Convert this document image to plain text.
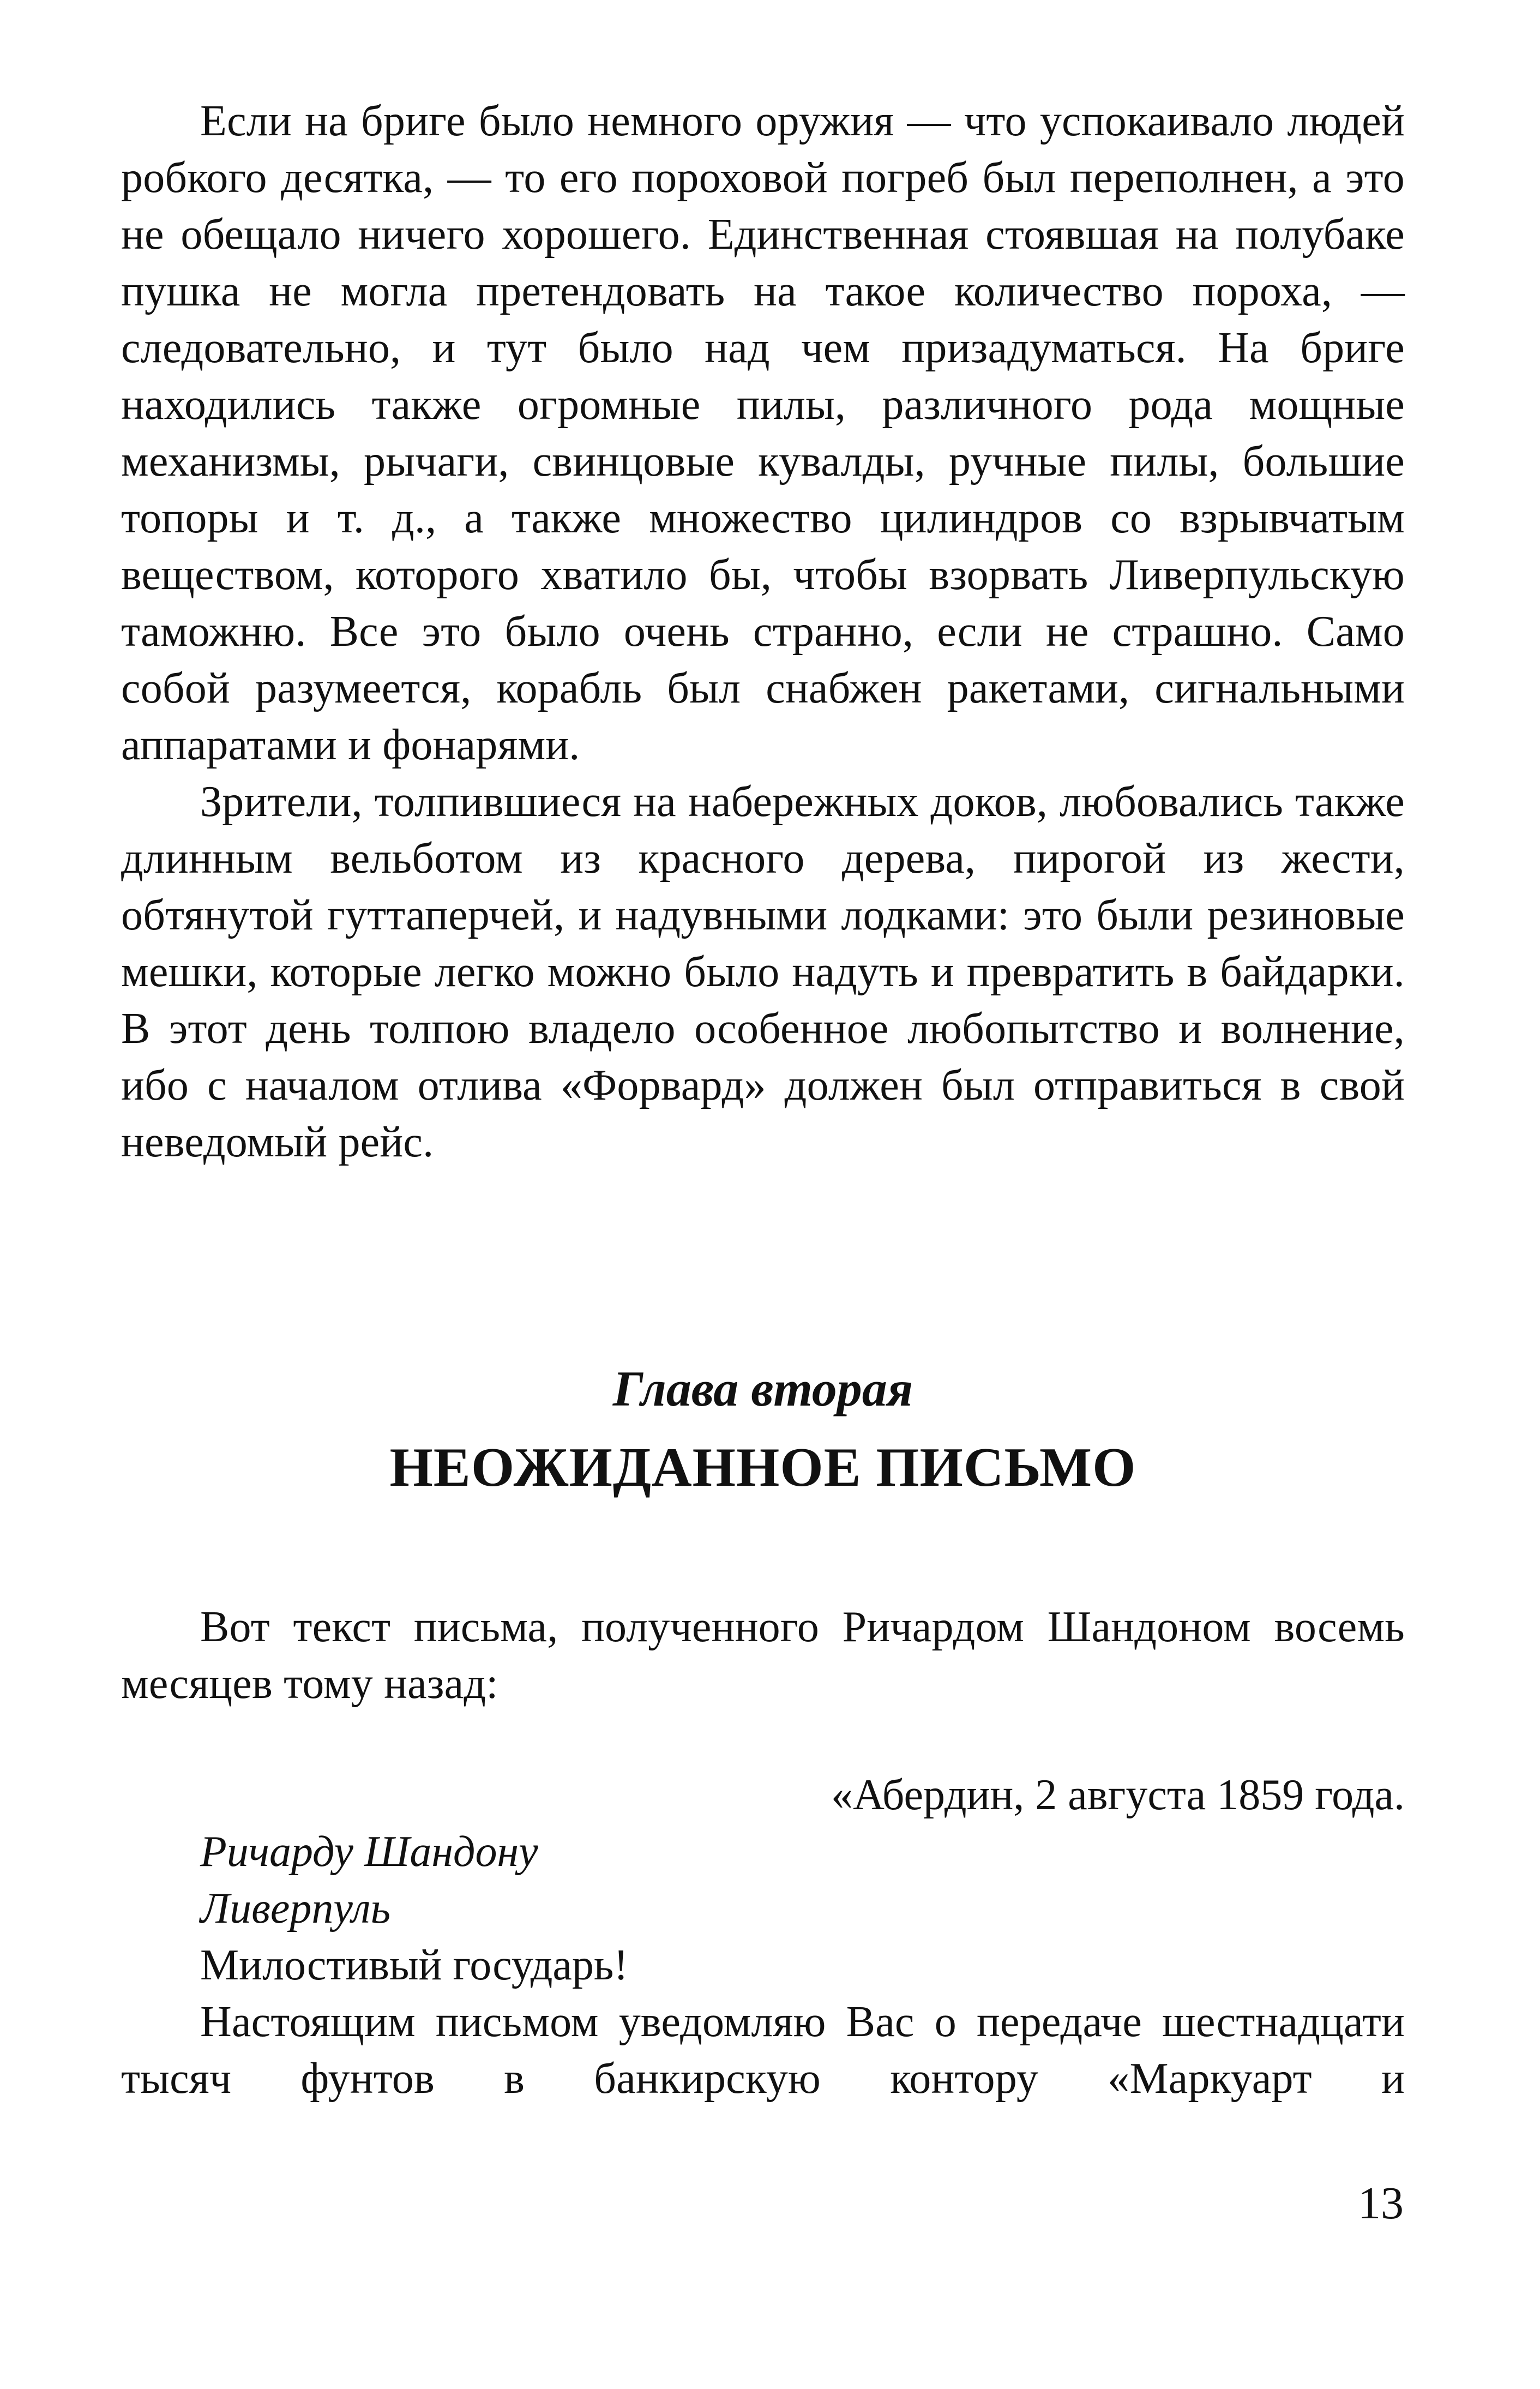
Если на бриге было немного оружия — что успокаивало людей робкого десятка, — то его пороховой погреб был переполнен, а это не обещало ничего хорошего. Единственная стоявшая на полубаке пушка не могла претендовать на такое количество пороха, — следовательно, и тут было над чем призадуматься. На бриге находились также огромные пилы, различного рода мощные механизмы, рычаги, свинцовые кувалды, ручные пилы, большие топоры и т. д., а также множество цилиндров со взрывчатым веществом, которого хватило бы, чтобы взорвать Ливерпульскую таможню. Все это было очень странно, если не страшно. Само собой разумеется, корабль был снабжен ракетами, сигнальными аппаратами и фонарями.

Зрители, толпившиеся на набережных доков, любовались также длинным вельботом из красного дерева, пирогой из жести, обтянутой гуттаперчей, и надувными лодками: это были резиновые мешки, которые легко можно было надуть и превратить в байдарки. В этот день толпою владело особенное любопытство и волнение, ибо с началом отлива «Форвард» должен был отправиться в свой неведомый рейс.

Глава вторая
НЕОЖИДАННОЕ ПИСЬМО

Вот текст письма, полученного Ричардом Шандоном восемь месяцев тому назад:

«Абердин, 2 августа 1859 года.

Ричарду Шандону

Ливерпуль

Милостивый государь!

Настоящим письмом уведомляю Вас о передаче шестнадцати тысяч фунтов в банкирскую контору «Маркуарт и

13
